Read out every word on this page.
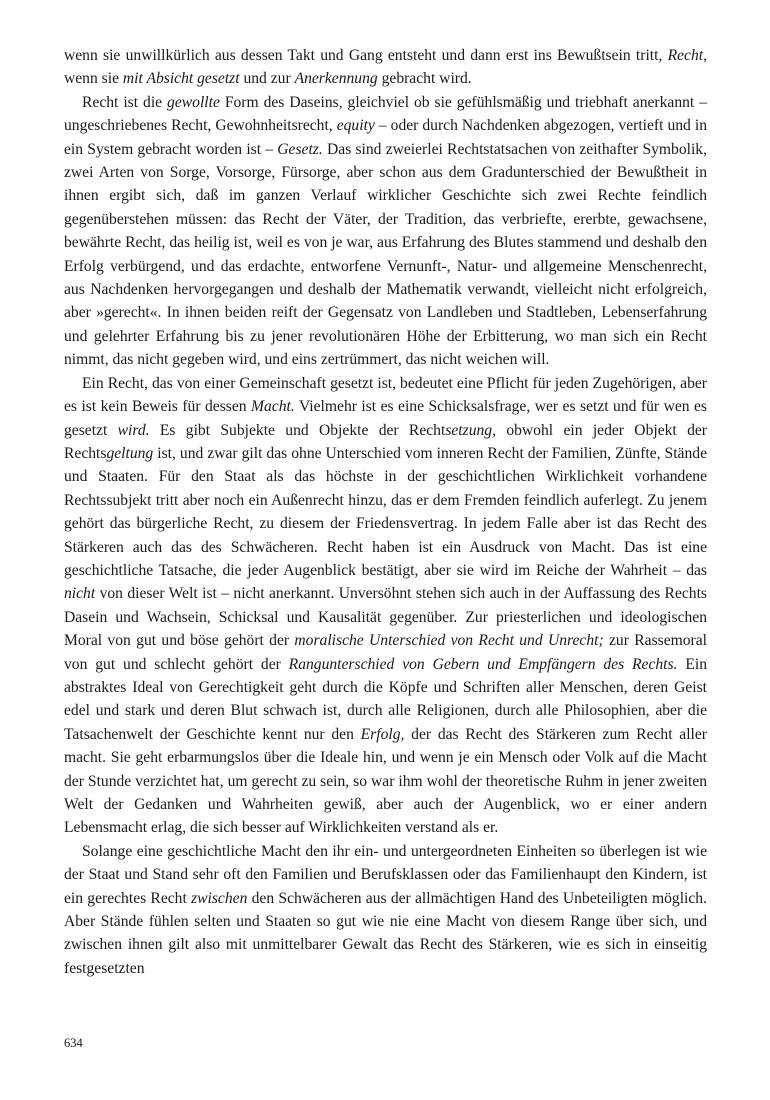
wenn sie unwillkürlich aus dessen Takt und Gang entsteht und dann erst ins Bewußtsein tritt, Recht, wenn sie mit Absicht gesetzt und zur Anerkennung gebracht wird.

Recht ist die gewollte Form des Daseins, gleichviel ob sie gefühlsmäßig und triebhaft anerkannt – ungeschriebenes Recht, Gewohnheitsrecht, equity – oder durch Nachdenken abgezogen, vertieft und in ein System gebracht worden ist – Gesetz. Das sind zweierlei Rechtstatsachen von zeithafter Symbolik, zwei Arten von Sorge, Vorsorge, Fürsorge, aber schon aus dem Gradunterschied der Bewußtheit in ihnen ergibt sich, daß im ganzen Verlauf wirklicher Geschichte sich zwei Rechte feindlich gegenüberstehen müssen: das Recht der Väter, der Tradition, das verbriefte, ererbte, gewachsene, bewährte Recht, das heilig ist, weil es von je war, aus Erfahrung des Blutes stammend und deshalb den Erfolg verbürgend, und das erdachte, entworfene Vernunft-, Natur- und allgemeine Menschenrecht, aus Nachdenken hervorgegangen und deshalb der Mathematik verwandt, vielleicht nicht erfolgreich, aber »gerecht«. In ihnen beiden reift der Gegensatz von Landleben und Stadtleben, Lebenserfahrung und gelehrter Erfahrung bis zu jener revolutionären Höhe der Erbitterung, wo man sich ein Recht nimmt, das nicht gegeben wird, und eins zertrümmert, das nicht weichen will.

Ein Recht, das von einer Gemeinschaft gesetzt ist, bedeutet eine Pflicht für jeden Zugehörigen, aber es ist kein Beweis für dessen Macht. Vielmehr ist es eine Schicksalsfrage, wer es setzt und für wen es gesetzt wird. Es gibt Subjekte und Objekte der Rechtsetzung, obwohl ein jeder Objekt der Rechtsgeltung ist, und zwar gilt das ohne Unterschied vom inneren Recht der Familien, Zünfte, Stände und Staaten. Für den Staat als das höchste in der geschichtlichen Wirklichkeit vorhandene Rechtssubjekt tritt aber noch ein Außenrecht hinzu, das er dem Fremden feindlich auferlegt. Zu jenem gehört das bürgerliche Recht, zu diesem der Friedensvertrag. In jedem Falle aber ist das Recht des Stärkeren auch das des Schwächeren. Recht haben ist ein Ausdruck von Macht. Das ist eine geschichtliche Tatsache, die jeder Augenblick bestätigt, aber sie wird im Reiche der Wahrheit – das nicht von dieser Welt ist – nicht anerkannt. Unversöhnt stehen sich auch in der Auffassung des Rechts Dasein und Wachsein, Schicksal und Kausalität gegenüber. Zur priesterlichen und ideologischen Moral von gut und böse gehört der moralische Unterschied von Recht und Unrecht; zur Rassemoral von gut und schlecht gehört der Rangunterschied von Gebern und Empfängern des Rechts. Ein abstraktes Ideal von Gerechtigkeit geht durch die Köpfe und Schriften aller Menschen, deren Geist edel und stark und deren Blut schwach ist, durch alle Religionen, durch alle Philosophien, aber die Tatsachenwelt der Geschichte kennt nur den Erfolg, der das Recht des Stärkeren zum Recht aller macht. Sie geht erbarmungslos über die Ideale hin, und wenn je ein Mensch oder Volk auf die Macht der Stunde verzichtet hat, um gerecht zu sein, so war ihm wohl der theoretische Ruhm in jener zweiten Welt der Gedanken und Wahrheiten gewiß, aber auch der Augenblick, wo er einer andern Lebensmacht erlag, die sich besser auf Wirklichkeiten verstand als er.

Solange eine geschichtliche Macht den ihr ein- und untergeordneten Einheiten so überlegen ist wie der Staat und Stand sehr oft den Familien und Berufsklassen oder das Familienhaupt den Kindern, ist ein gerechtes Recht zwischen den Schwächeren aus der allmächtigen Hand des Unbeteiligten möglich. Aber Stände fühlen selten und Staaten so gut wie nie eine Macht von diesem Range über sich, und zwischen ihnen gilt also mit unmittelbarer Gewalt das Recht des Stärkeren, wie es sich in einseitig festgesetzten

634
